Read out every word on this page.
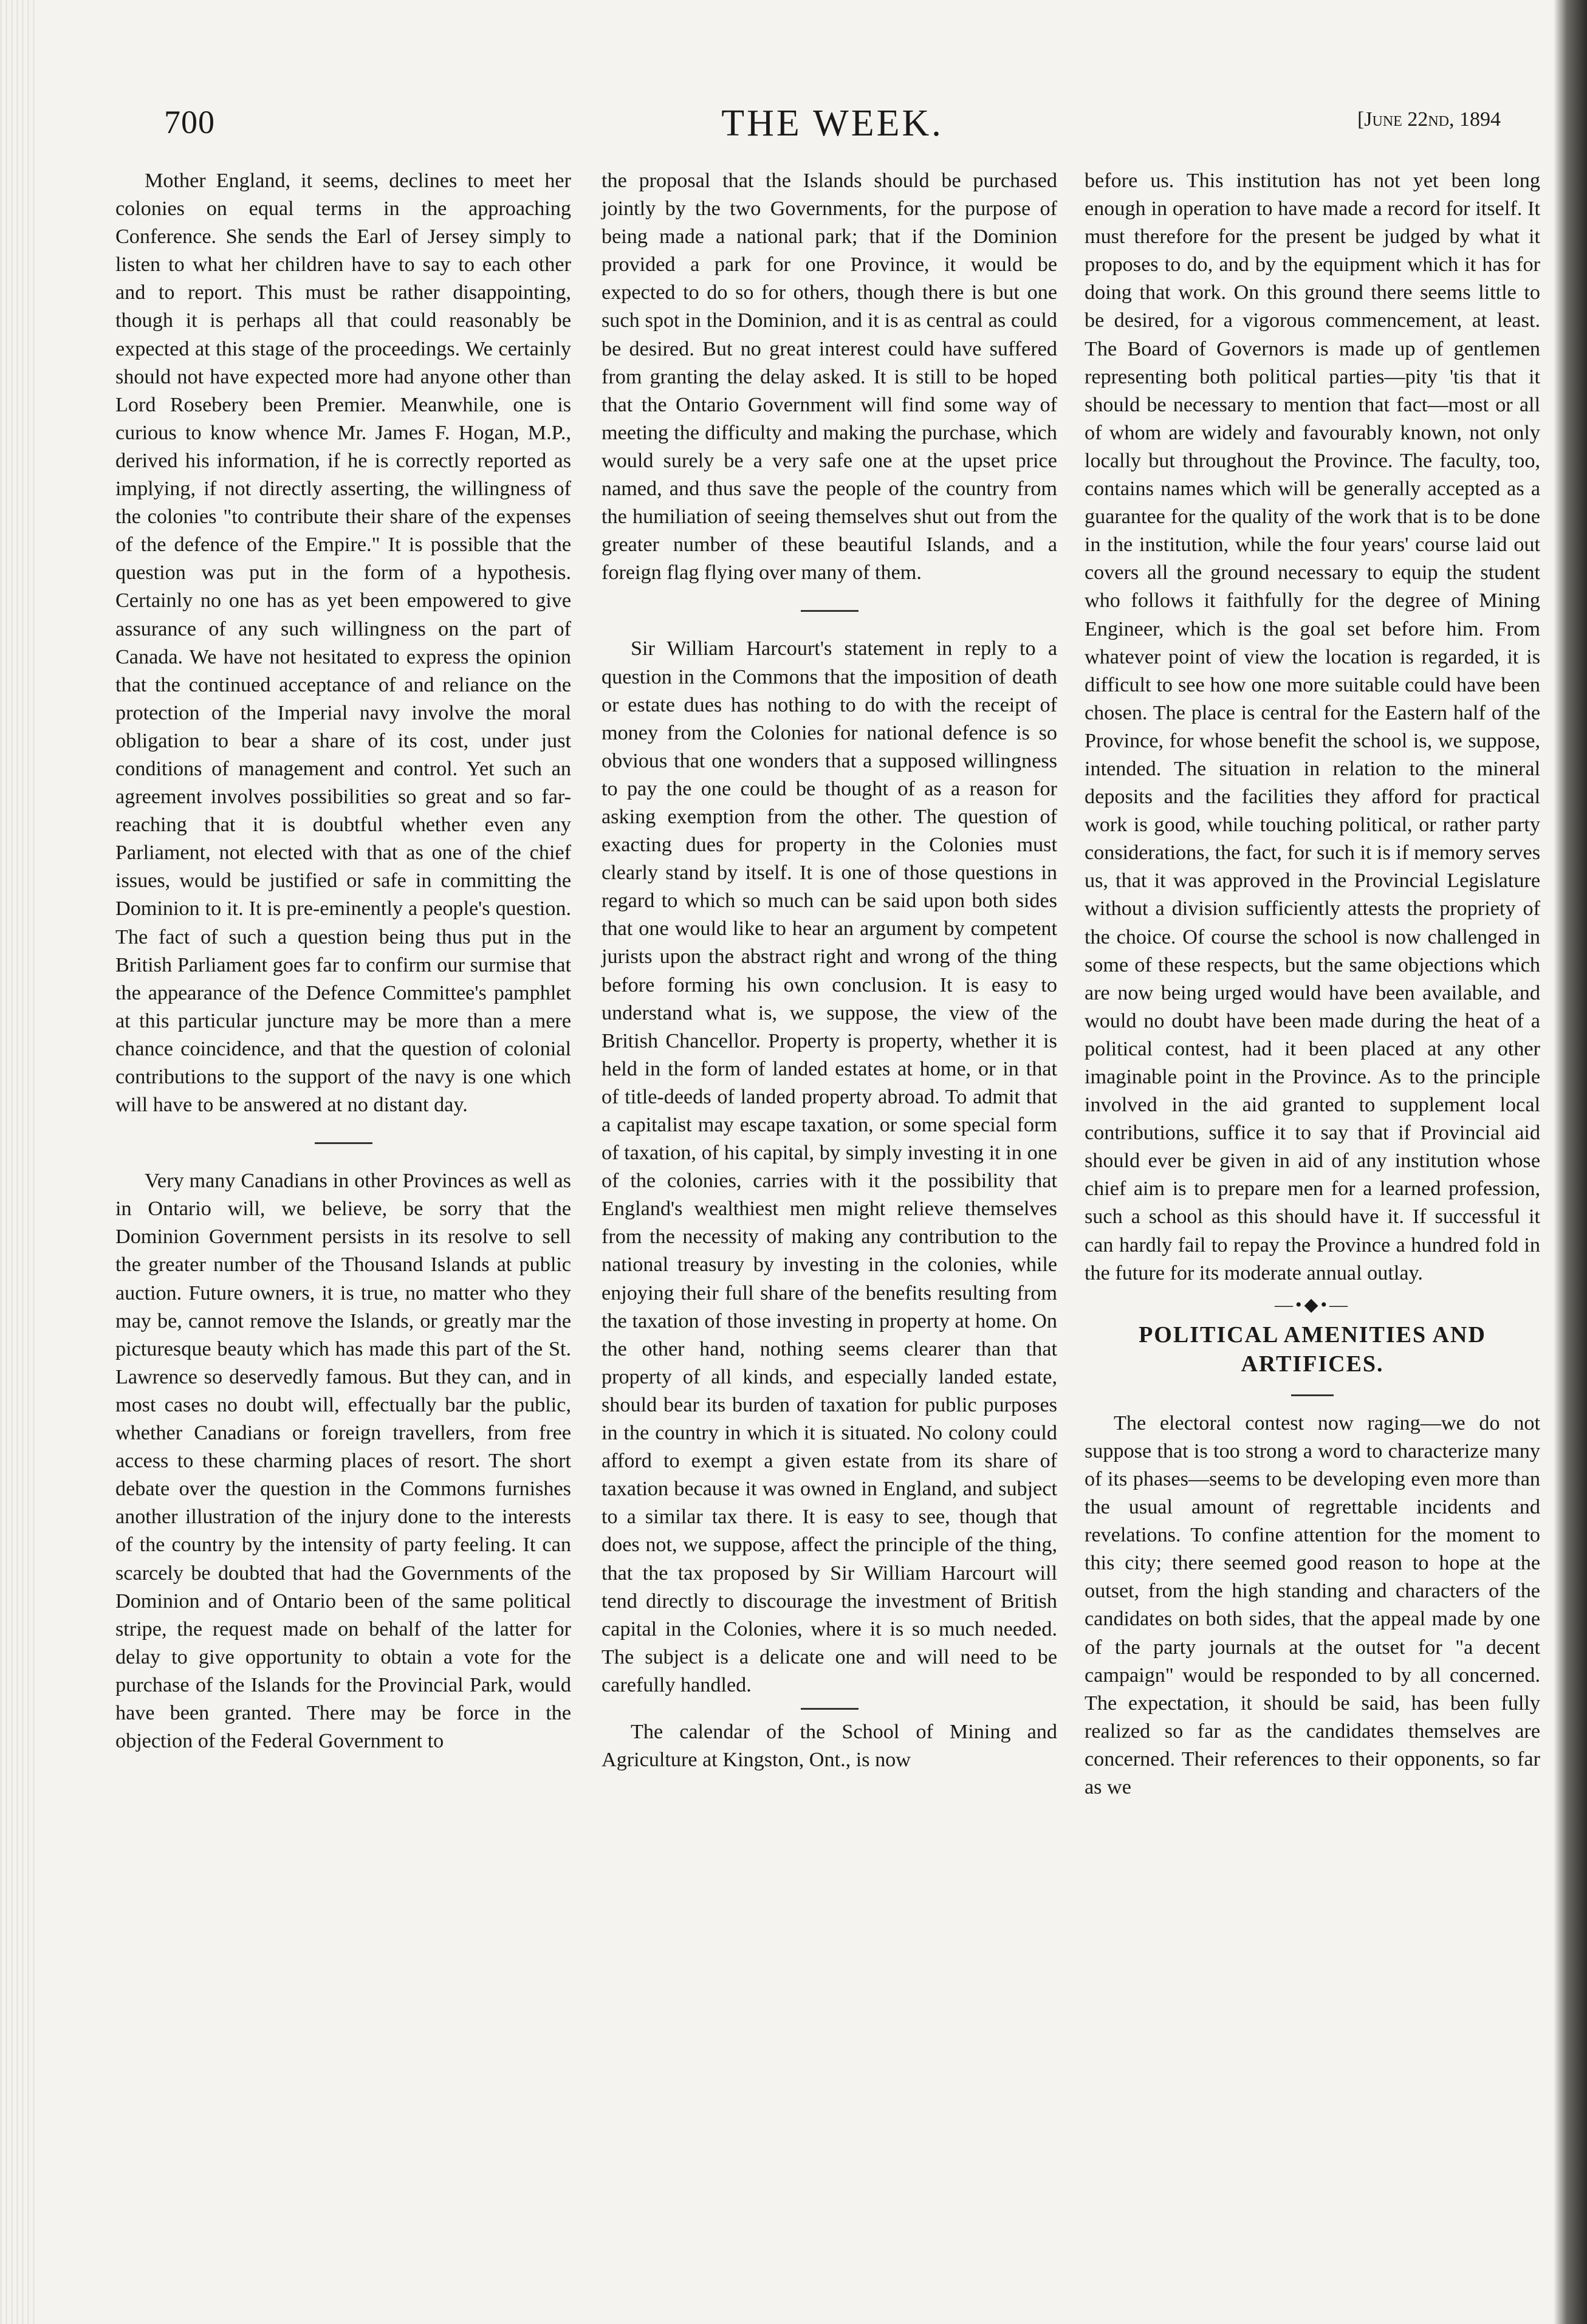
700	THE WEEK.	[June 22nd, 1894

Mother England, it seems, declines to meet her colonies on equal terms in the approaching Conference. She sends the Earl of Jersey simply to listen to what her children have to say to each other and to report. This must be rather disappointing, though it is perhaps all that could reasonably be expected at this stage of the proceedings. We certainly should not have expected more had anyone other than Lord Rosebery been Premier. Meanwhile, one is curious to know whence Mr. James F. Hogan, M.P., derived his information, if he is correctly reported as implying, if not directly asserting, the willingness of the colonies "to contribute their share of the expenses of the defence of the Empire." It is possible that the question was put in the form of a hypothesis. Certainly no one has as yet been empowered to give assurance of any such willingness on the part of Canada. We have not hesitated to express the opinion that the continued acceptance of and reliance on the protection of the Imperial navy involve the moral obligation to bear a share of its cost, under just conditions of management and control. Yet such an agreement involves possibilities so great and so far-reaching that it is doubtful whether even any Parliament, not elected with that as one of the chief issues, would be justified or safe in committing the Dominion to it. It is pre-eminently a people's question. The fact of such a question being thus put in the British Parliament goes far to confirm our surmise that the appearance of the Defence Committee's pamphlet at this particular juncture may be more than a mere chance coincidence, and that the question of colonial contributions to the support of the navy is one which will have to be answered at no distant day.

Very many Canadians in other Provinces as well as in Ontario will, we believe, be sorry that the Dominion Government persists in its resolve to sell the greater number of the Thousand Islands at public auction. Future owners, it is true, no matter who they may be, cannot remove the Islands, or greatly mar the picturesque beauty which has made this part of the St. Lawrence so deservedly famous. But they can, and in most cases no doubt will, effectually bar the public, whether Canadians or foreign travellers, from free access to these charming places of resort. The short debate over the question in the Commons furnishes another illustration of the injury done to the interests of the country by the intensity of party feeling. It can scarcely be doubted that had the Governments of the Dominion and of Ontario been of the same political stripe, the request made on behalf of the latter for delay to give opportunity to obtain a vote for the purchase of the Islands for the Provincial Park, would have been granted. There may be force in the objection of the Federal Government to

the proposal that the Islands should be purchased jointly by the two Governments, for the purpose of being made a national park; that if the Dominion provided a park for one Province, it would be expected to do so for others, though there is but one such spot in the Dominion, and it is as central as could be desired. But no great interest could have suffered from granting the delay asked. It is still to be hoped that the Ontario Government will find some way of meeting the difficulty and making the purchase, which would surely be a very safe one at the upset price named, and thus save the people of the country from the humiliation of seeing themselves shut out from the greater number of these beautiful Islands, and a foreign flag flying over many of them.

Sir William Harcourt's statement in reply to a question in the Commons that the imposition of death or estate dues has nothing to do with the receipt of money from the Colonies for national defence is so obvious that one wonders that a supposed willingness to pay the one could be thought of as a reason for asking exemption from the other. The question of exacting dues for property in the Colonies must clearly stand by itself. It is one of those questions in regard to which so much can be said upon both sides that one would like to hear an argument by competent jurists upon the abstract right and wrong of the thing before forming his own conclusion. It is easy to understand what is, we suppose, the view of the British Chancellor. Property is property, whether it is held in the form of landed estates at home, or in that of title-deeds of landed property abroad. To admit that a capitalist may escape taxation, or some special form of taxation, of his capital, by simply investing it in one of the colonies, carries with it the possibility that England's wealthiest men might relieve themselves from the necessity of making any contribution to the national treasury by investing in the colonies, while enjoying their full share of the benefits resulting from the taxation of those investing in property at home. On the other hand, nothing seems clearer than that property of all kinds, and especially landed estate, should bear its burden of taxation for public purposes in the country in which it is situated. No colony could afford to exempt a given estate from its share of taxation because it was owned in England, and subject to a similar tax there. It is easy to see, though that does not, we suppose, affect the principle of the thing, that the tax proposed by Sir William Harcourt will tend directly to discourage the investment of British capital in the Colonies, where it is so much needed. The subject is a delicate one and will need to be carefully handled.

The calendar of the School of Mining and Agriculture at Kingston, Ont., is now

before us. This institution has not yet been long enough in operation to have made a record for itself. It must therefore for the present be judged by what it proposes to do, and by the equipment which it has for doing that work. On this ground there seems little to be desired, for a vigorous commencement, at least. The Board of Governors is made up of gentlemen representing both political parties—pity 'tis that it should be necessary to mention that fact—most or all of whom are widely and favourably known, not only locally but throughout the Province. The faculty, too, contains names which will be generally accepted as a guarantee for the quality of the work that is to be done in the institution, while the four years' course laid out covers all the ground necessary to equip the student who follows it faithfully for the degree of Mining Engineer, which is the goal set before him. From whatever point of view the location is regarded, it is difficult to see how one more suitable could have been chosen. The place is central for the Eastern half of the Province, for whose benefit the school is, we suppose, intended. The situation in relation to the mineral deposits and the facilities they afford for practical work is good, while touching political, or rather party considerations, the fact, for such it is if memory serves us, that it was approved in the Provincial Legislature without a division sufficiently attests the propriety of the choice. Of course the school is now challenged in some of these respects, but the same objections which are now being urged would have been available, and would no doubt have been made during the heat of a political contest, had it been placed at any other imaginable point in the Province. As to the principle involved in the aid granted to supplement local contributions, suffice it to say that if Provincial aid should ever be given in aid of any institution whose chief aim is to prepare men for a learned profession, such a school as this should have it. If successful it can hardly fail to repay the Province a hundred fold in the future for its moderate annual outlay.

—•◆•—
POLITICAL AMENITIES AND ARTIFICES.

The electoral contest now raging—we do not suppose that is too strong a word to characterize many of its phases—seems to be developing even more than the usual amount of regrettable incidents and revelations. To confine attention for the moment to this city; there seemed good reason to hope at the outset, from the high standing and characters of the candidates on both sides, that the appeal made by one of the party journals at the outset for "a decent campaign" would be responded to by all concerned. The expectation, it should be said, has been fully realized so far as the candidates themselves are concerned. Their references to their opponents, so far as we
